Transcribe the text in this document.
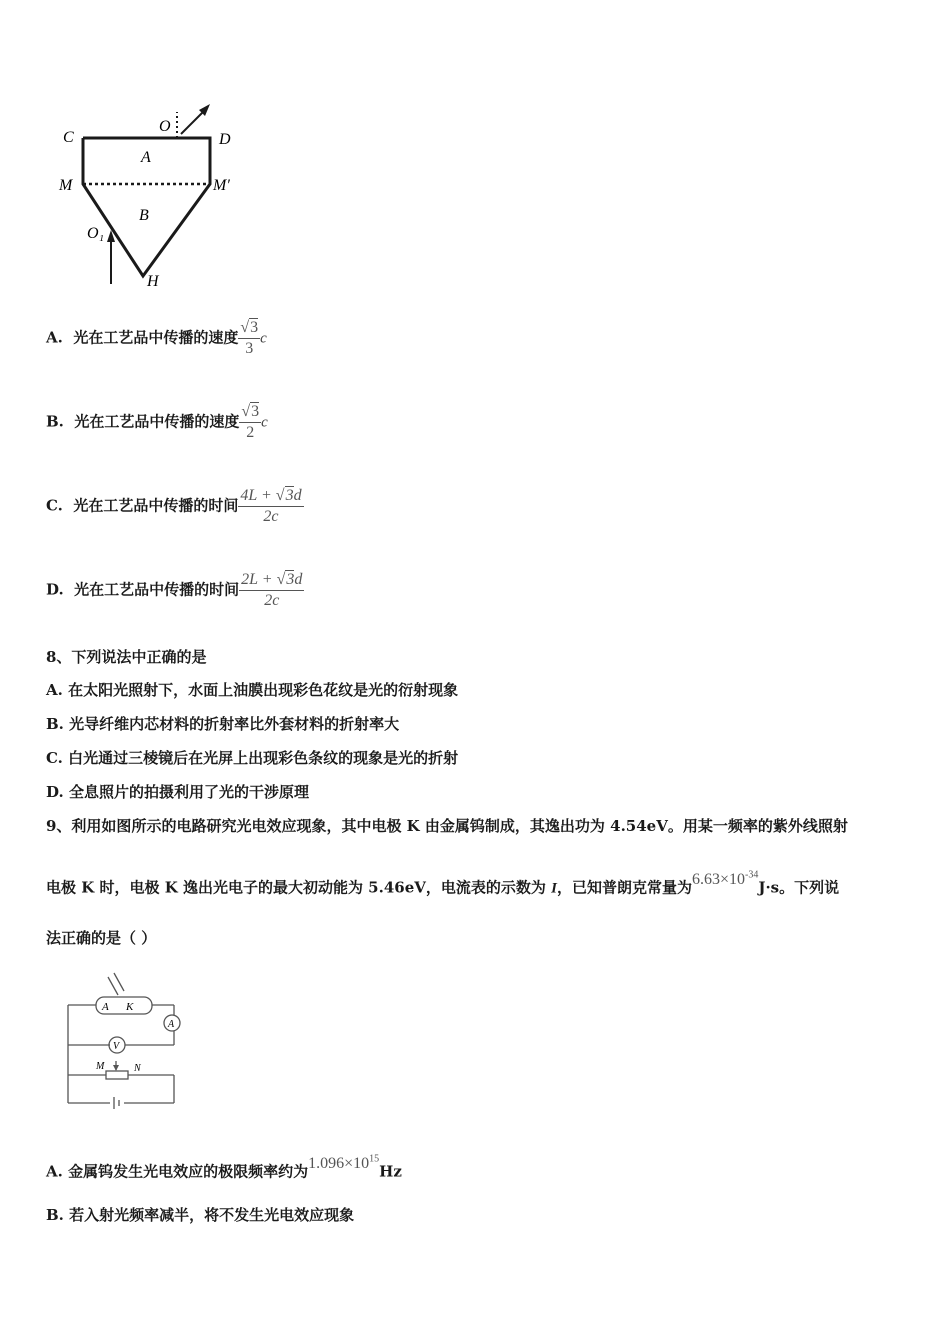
C
O
D
A
M	M′
B
O₁
H
A. 光在工艺品中传播的速度 $\frac{√3}{3}$ c
B. 光在工艺品中传播的速度 $\frac{√3}{2}$ c
C. 光在工艺品中传播的时间 $\frac{4L + √3d}{2c}$
D. 光在工艺品中传播的时间 $\frac{2L + √3d}{2c}$
8、下列说法中正确的是
A. 在太阳光照射下，水面上油膜出现彩色花纹是光的衍射现象
B. 光导纤维内芯材料的折射率比外套材料的折射率大
C. 白光通过三棱镜后在光屏上出现彩色条纹的现象是光的折射
D. 全息照片的拍摄利用了光的干涉原理
9、利用如图所示的电路研究光电效应现象，其中电极 K 由金属钨制成，其逸出功为 4.54eV。用某一频率的紫外线照射
电极 K 时，电极 K 逸出光电子的最大初动能为 5.46eV，电流表的示数为 I，已知普朗克常量为$6.63\times 10^{-34}J\cdot s$。下列说
法正确的是（ ）
A K
A
V
M	N
A. 金属钨发生光电效应的极限频率约为$1.096\times 10^{15}Hz$
B. 若入射光频率减半，将不发生光电效应现象
